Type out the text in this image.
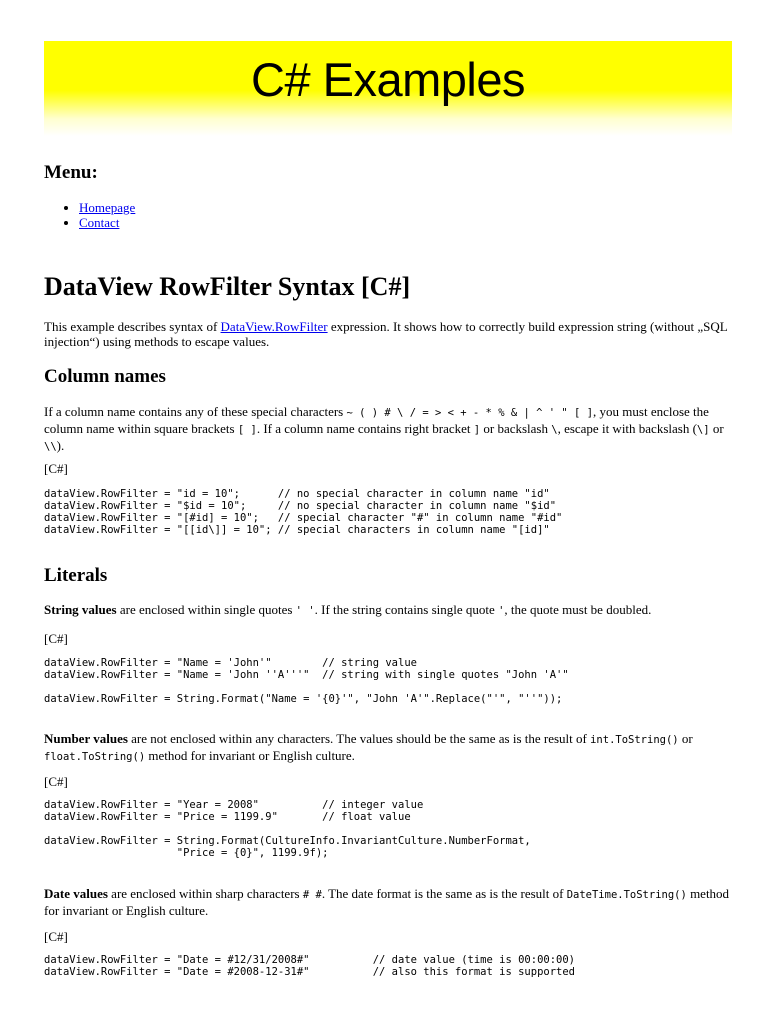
C# Examples
Menu:
• Homepage
• Contact
DataView RowFilter Syntax [C#]

This example describes syntax of DataView.RowFilter expression. It shows how to correctly build expression string (without „SQL injection“) using methods to escape values.

Column names

If a column name contains any of these special characters ~ ( ) # \ / = > < + - * % & | ^ ' " [ ], you must enclose the column name within square brackets [ ]. If a column name contains right bracket ] or backslash \, escape it with backslash (\] or \\).

[C#]
dataView.RowFilter = "id = 10";      // no special character in column name "id"
dataView.RowFilter = "$id = 10";     // no special character in column name "$id"
dataView.RowFilter = "[#id] = 10";   // special character "#" in column name "#id"
dataView.RowFilter = "[[id\]] = 10"; // special characters in column name "[id]"
Literals

String values are enclosed within single quotes ' '. If the string contains single quote ', the quote must be doubled.

[C#]
dataView.RowFilter = "Name = 'John'"        // string value
dataView.RowFilter = "Name = 'John ''A'''"  // string with single quotes "John 'A'"

dataView.RowFilter = String.Format("Name = '{0}'", "John 'A'".Replace("'", "''"));

Number values are not enclosed within any characters. The values should be the same as is the result of int.ToString() or float.ToString() method for invariant or English culture.

[C#]
dataView.RowFilter = "Year = 2008"          // integer value
dataView.RowFilter = "Price = 1199.9"       // float value

dataView.RowFilter = String.Format(CultureInfo.InvariantCulture.NumberFormat,
"Price = {0}", 1199.9f);

Date values are enclosed within sharp characters # #. The date format is the same as is the result of DateTime.ToString() method for invariant or English culture.

[C#]
dataView.RowFilter = "Date = #12/31/2008#"          // date value (time is 00:00:00)
dataView.RowFilter = "Date = #2008-12-31#"          // also this format is supported
